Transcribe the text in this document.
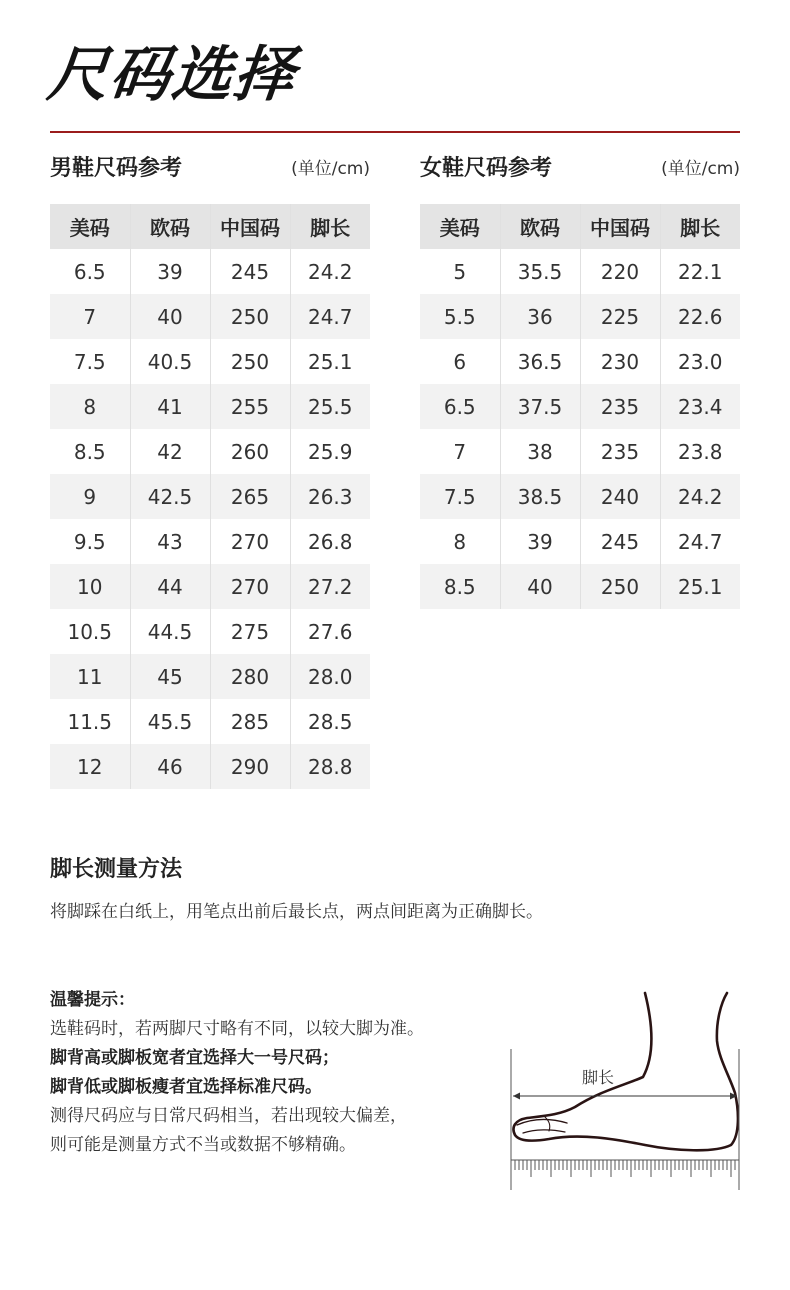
尺码选择
男鞋尺码参考	(单位/cm)
美码	欧码	中国码	脚长
6.5	39	245	24.2
7	40	250	24.7
7.5	40.5	250	25.1
8	41	255	25.5
8.5	42	260	25.9
9	42.5	265	26.3
9.5	43	270	26.8
10	44	270	27.2
10.5	44.5	275	27.6
11	45	280	28.0
11.5	45.5	285	28.5
12	46	290	28.8
女鞋尺码参考	(单位/cm)
美码	欧码	中国码	脚长
5	35.5	220	22.1
5.5	36	225	22.6
6	36.5	230	23.0
6.5	37.5	235	23.4
7	38	235	23.8
7.5	38.5	240	24.2
8	39	245	24.7
8.5	40	250	25.1
脚长测量方法
将脚踩在白纸上，用笔点出前后最长点，两点间距离为正确脚长。
温馨提示：
选鞋码时，若两脚尺寸略有不同，以较大脚为准。
脚背高或脚板宽者宜选择大一号尺码；
脚背低或脚板瘦者宜选择标准尺码。
测得尺码应与日常尺码相当，若出现较大偏差，
则可能是测量方式不当或数据不够精确。
脚长
